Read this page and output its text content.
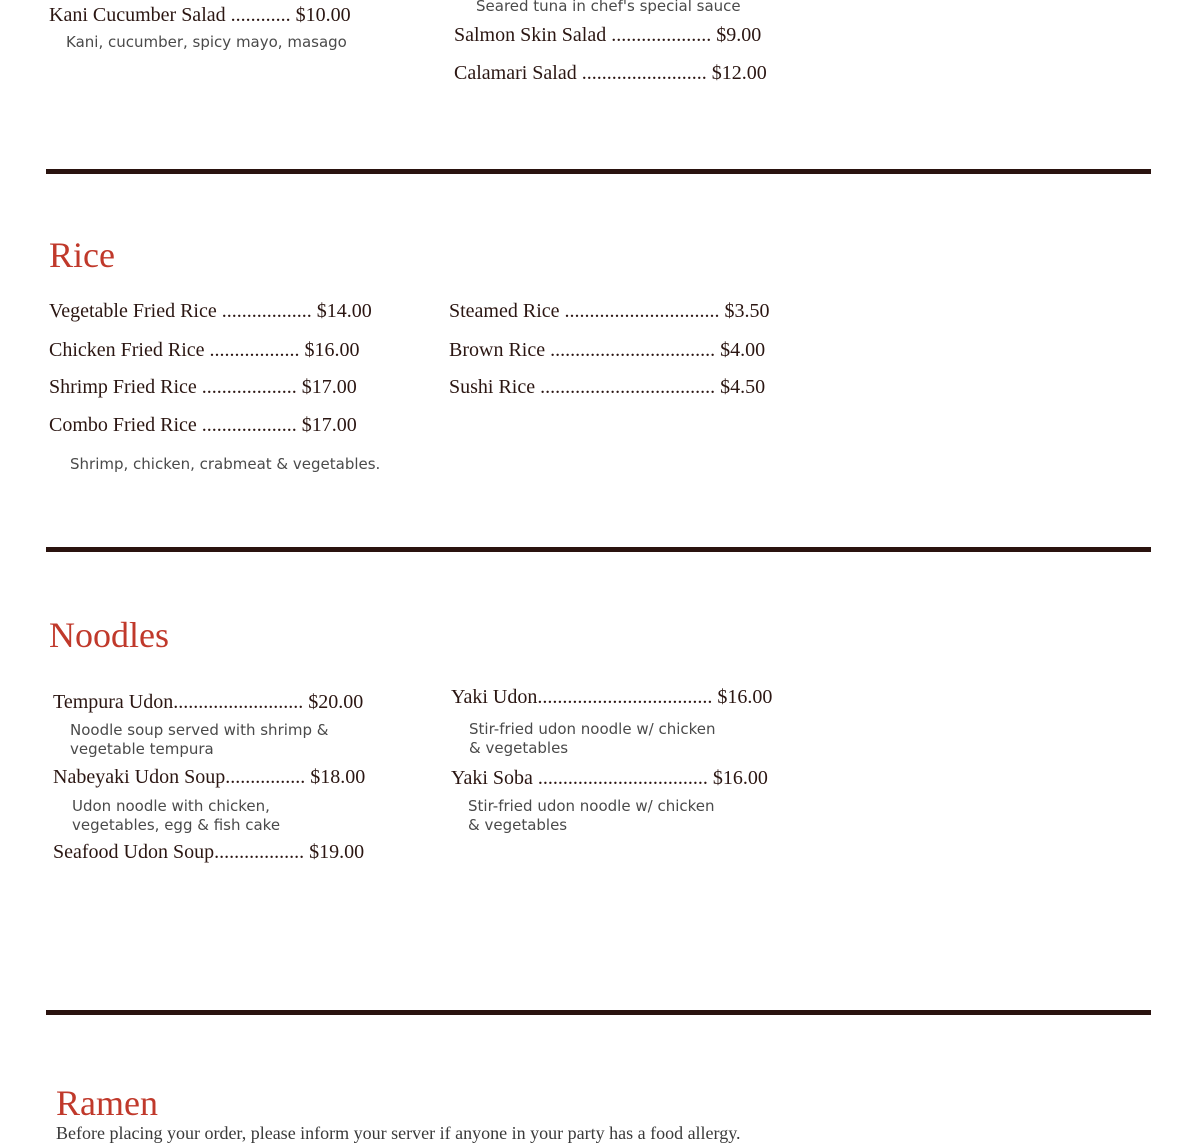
Kani Cucumber Salad ............ $10.00
Kani, cucumber, spicy mayo, masago
Seared tuna in chef's special sauce
Salmon Skin Salad .................... $9.00
Calamari Salad ......................... $12.00
Rice
Vegetable Fried Rice .................. $14.00
Chicken Fried Rice .................. $16.00
Shrimp Fried Rice ................... $17.00
Combo Fried Rice ................... $17.00
Shrimp, chicken, crabmeat & vegetables.
Steamed Rice ............................... $3.50
Brown Rice ................................. $4.00
Sushi Rice ................................... $4.50
Noodles
Tempura Udon.......................... $20.00
Noodle soup served with shrimp & vegetable tempura
Nabeyaki Udon Soup................ $18.00
Udon noodle with chicken, vegetables, egg & fish cake
Seafood Udon Soup.................. $19.00
Yaki Udon................................... $16.00
Stir-fried udon noodle w/ chicken & vegetables
Yaki Soba .................................. $16.00
Stir-fried udon noodle w/ chicken & vegetables
Ramen
Before placing your order, please inform your server if anyone in your party has a food allergy.
